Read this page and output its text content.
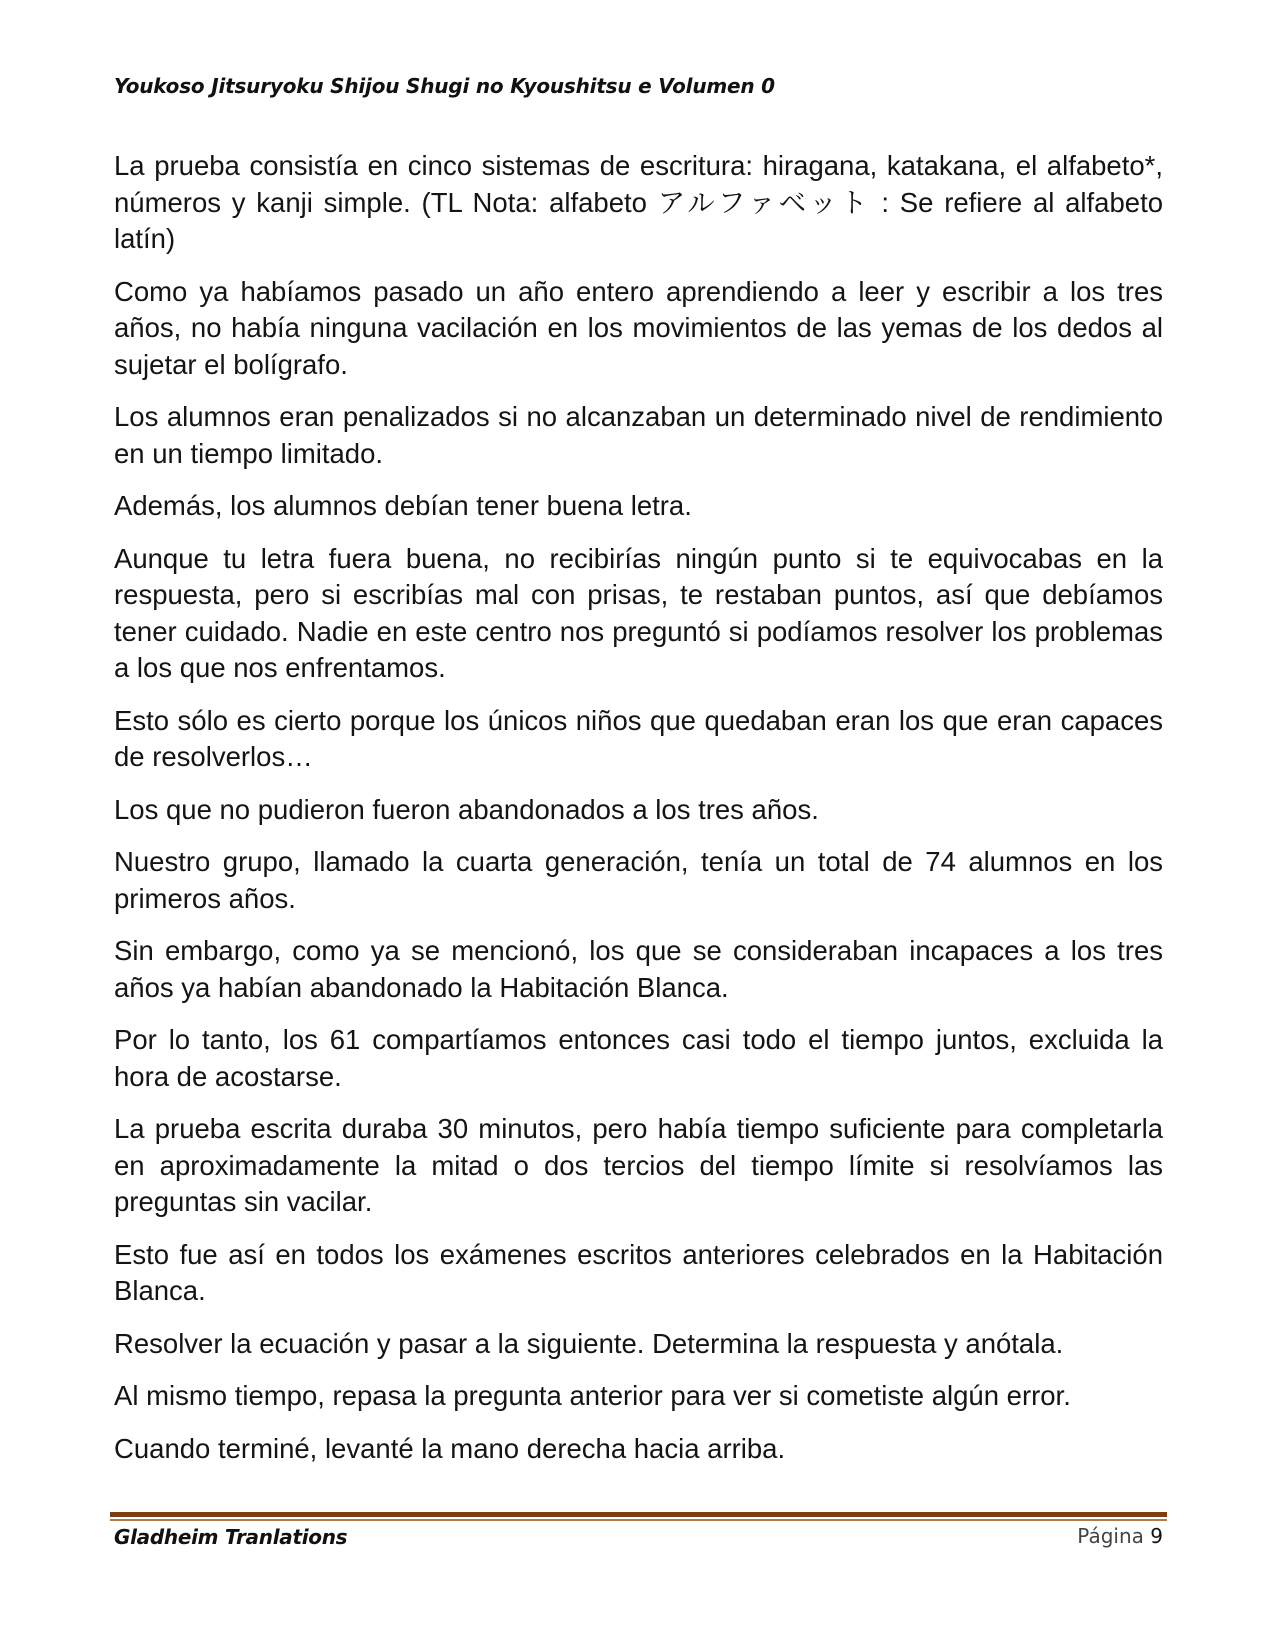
Youkoso Jitsuryoku Shijou Shugi no Kyoushitsu e Volumen 0

La prueba consistía en cinco sistemas de escritura: hiragana, katakana, el alfabeto*, números y kanji simple. (TL Nota: alfabeto アルファベット : Se refiere al alfabeto latín)

Como ya habíamos pasado un año entero aprendiendo a leer y escribir a los tres años, no había ninguna vacilación en los movimientos de las yemas de los dedos al sujetar el bolígrafo.

Los alumnos eran penalizados si no alcanzaban un determinado nivel de rendimiento en un tiempo limitado.

Además, los alumnos debían tener buena letra.

Aunque tu letra fuera buena, no recibirías ningún punto si te equivocabas en la respuesta, pero si escribías mal con prisas, te restaban puntos, así que debíamos tener cuidado. Nadie en este centro nos preguntó si podíamos resolver los problemas a los que nos enfrentamos.

Esto sólo es cierto porque los únicos niños que quedaban eran los que eran capaces de resolverlos…

Los que no pudieron fueron abandonados a los tres años.

Nuestro grupo, llamado la cuarta generación, tenía un total de 74 alumnos en los primeros años.

Sin embargo, como ya se mencionó, los que se consideraban incapaces a los tres años ya habían abandonado la Habitación Blanca.

Por lo tanto, los 61 compartíamos entonces casi todo el tiempo juntos, excluida la hora de acostarse.

La prueba escrita duraba 30 minutos, pero había tiempo suficiente para completarla en aproximadamente la mitad o dos tercios del tiempo límite si resolvíamos las preguntas sin vacilar.

Esto fue así en todos los exámenes escritos anteriores celebrados en la Habitación Blanca.

Resolver la ecuación y pasar a la siguiente. Determina la respuesta y anótala.

Al mismo tiempo, repasa la pregunta anterior para ver si cometiste algún error.

Cuando terminé, levanté la mano derecha hacia arriba.

Gladheim Tranlations	Página 9
